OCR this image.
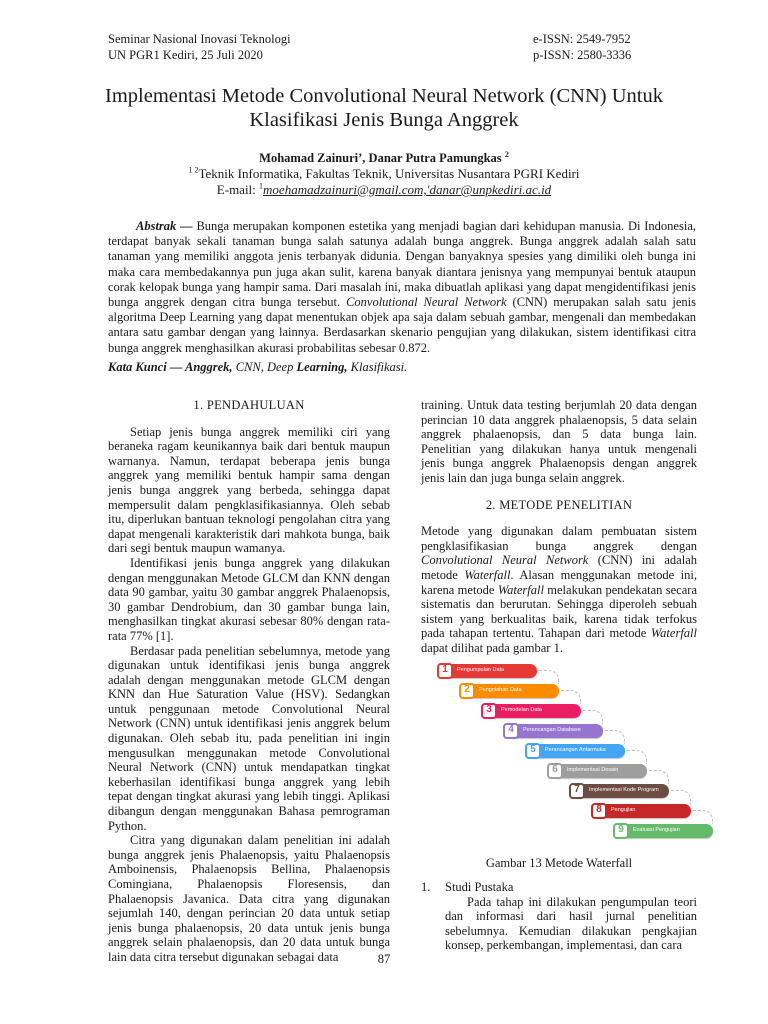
Seminar Nasional Inovasi Teknologi
UN PGR1 Kediri, 25 Juli 2020
e-ISSN: 2549-7952
p-ISSN: 2580-3336
Implementasi Metode Convolutional Neural Network (CNN) Untuk
Klasifikasi Jenis Bunga Anggrek
Mohamad Zainuri’, Danar Putra Pamungkas $^2$
$^{1 2}$Teknik Informatika, Fakultas Teknik, Universitas Nusantara PGRI Kediri
E-mail: $^1$moehamadzainuri@gmail.com,'danar@unpkediri.ac.id
Abstrak — Bunga merupakan komponen estetika yang menjadi bagian dari kehidupan manusia. Di Indonesia, terdapat banyak sekali tanaman bunga salah satunya adalah bunga anggrek. Bunga anggrek adalah salah satu tanaman yang memiliki anggota jenis terbanyak didunia. Dengan banyaknya spesies yang dimiliki oleh bunga ini maka cara membedakannya pun juga akan sulit, karena banyak diantara jenisnya yang mempunyai bentuk ataupun corak kelopak bunga yang hampir sama. Dari masalah ini, maka dibuatlah aplikasi yang dapat mengidentifikasi jenis bunga anggrek dengan citra bunga tersebut. Convolutional Neural Network (CNN) merupakan salah satu jenis algoritma Deep Learning yang dapat menentukan objek apa saja dalam sebuah gambar, mengenali dan membedakan antara satu gambar dengan yang lainnya. Berdasarkan skenario pengujian yang dilakukan, sistem identifikasi citra bunga anggrek menghasilkan akurasi probabilitas sebesar 0.872.
Kata Kunci — Anggrek, CNN, Deep Learning, Klasifikasi.
1. PENDAHULUAN

Setiap jenis bunga anggrek memiliki ciri yang beraneka ragam keunikannya baik dari bentuk maupun warnanya. Namun, terdapat beberapa jenis bunga anggrek yang memiliki bentuk hampir sama dengan jenis bunga anggrek yang berbeda, sehingga dapat mempersulit dalam pengklasifikasiannya. Oleh sebab itu, diperlukan bantuan teknologi pengolahan citra yang dapat mengenali karakteristik dari mahkota bunga, baik dari segi bentuk maupun wamanya.

Identifikasi jenis bunga anggrek yang dilakukan dengan menggunakan Metode GLCM dan KNN dengan data 90 gambar, yaitu 30 gambar anggrek Phalaenopsis, 30 gambar Dendrobium, dan 30 gambar bunga lain, menghasilkan tingkat akurasi sebesar 80% dengan rata-rata 77% [1].

Berdasar pada penelitian sebelumnya, metode yang digunakan untuk identifikasi jenis bunga anggrek adalah dengan menggunakan metode GLCM dengan KNN dan Hue Saturation Value (HSV). Sedangkan untuk penggunaan metode Convolutional Neural Network (CNN) untuk identifikasi jenis anggrek belum digunakan. Oleh sebab itu, pada penelitian ini ingin mengusulkan menggunakan metode Convolutional Neural Network (CNN) untuk mendapatkan tingkat keberhasilan identifikasi bunga anggrek yang lebih tepat dengan tingkat akurasi yang lebih tinggi. Aplikasi dibangun dengan menggunakan Bahasa pemrograman Python.

Citra yang digunakan dalam penelitian ini adalah bunga anggrek jenis Phalaenopsis, yaitu Phalaenopsis Amboinensis, Phalaenopsis Bellina, Phalaenopsis Comingiana, Phalaenopsis Floresensis, dan Phalaenopsis Javanica. Data citra yang digunakan sejumlah 140, dengan perincian 20 data untuk setiap jenis bunga phalaenopsis, 20 data untuk jenis bunga anggrek selain phalaenopsis, dan 20 data untuk bunga lain data citra tersebut digunakan sebagai data

training. Untuk data testing berjumlah 20 data dengan perincian 10 data anggrek phalaenopsis, 5 data selain anggrek phalaenopsis, dan 5 data bunga lain. Penelitian yang dilakukan hanya untuk mengenali jenis bunga anggrek Phalaenopsis dengan anggrek jenis lain dan juga bunga selain anggrek.

2. METODE PENELITIAN

Metode yang digunakan dalam pembuatan sistem pengklasifikasian bunga anggrek dengan Convolutional Neural Network (CNN) ini adalah metode Waterfall. Alasan menggunakan metode ini, karena metode Waterfall melakukan pendekatan secara sistematis dan berurutan. Sehingga diperoleh sebuah sistem yang berkualitas baik, karena tidak terfokus pada tahapan tertentu. Tahapan dari metode Waterfall dapat dilihat pada gambar 1.

1	Pengumpulan Data
2	Pengolahan Data
3	Pemodelan Data
4	Perancangan Database
5	Perancangan Antarmuka
6	Implementasi Desain
7	Implementasi Kode Program
8	Pengujian
9	Evaluasi Pengujian
Gambar 13 Metode Waterfall
1.	Studi Pustaka

Pada tahap ini dilakukan pengumpulan teori dan informasi dari hasil jurnal penelitian sebelumnya. Kemudian dilakukan pengkajian konsep, perkembangan, implementasi, dan cara

87
